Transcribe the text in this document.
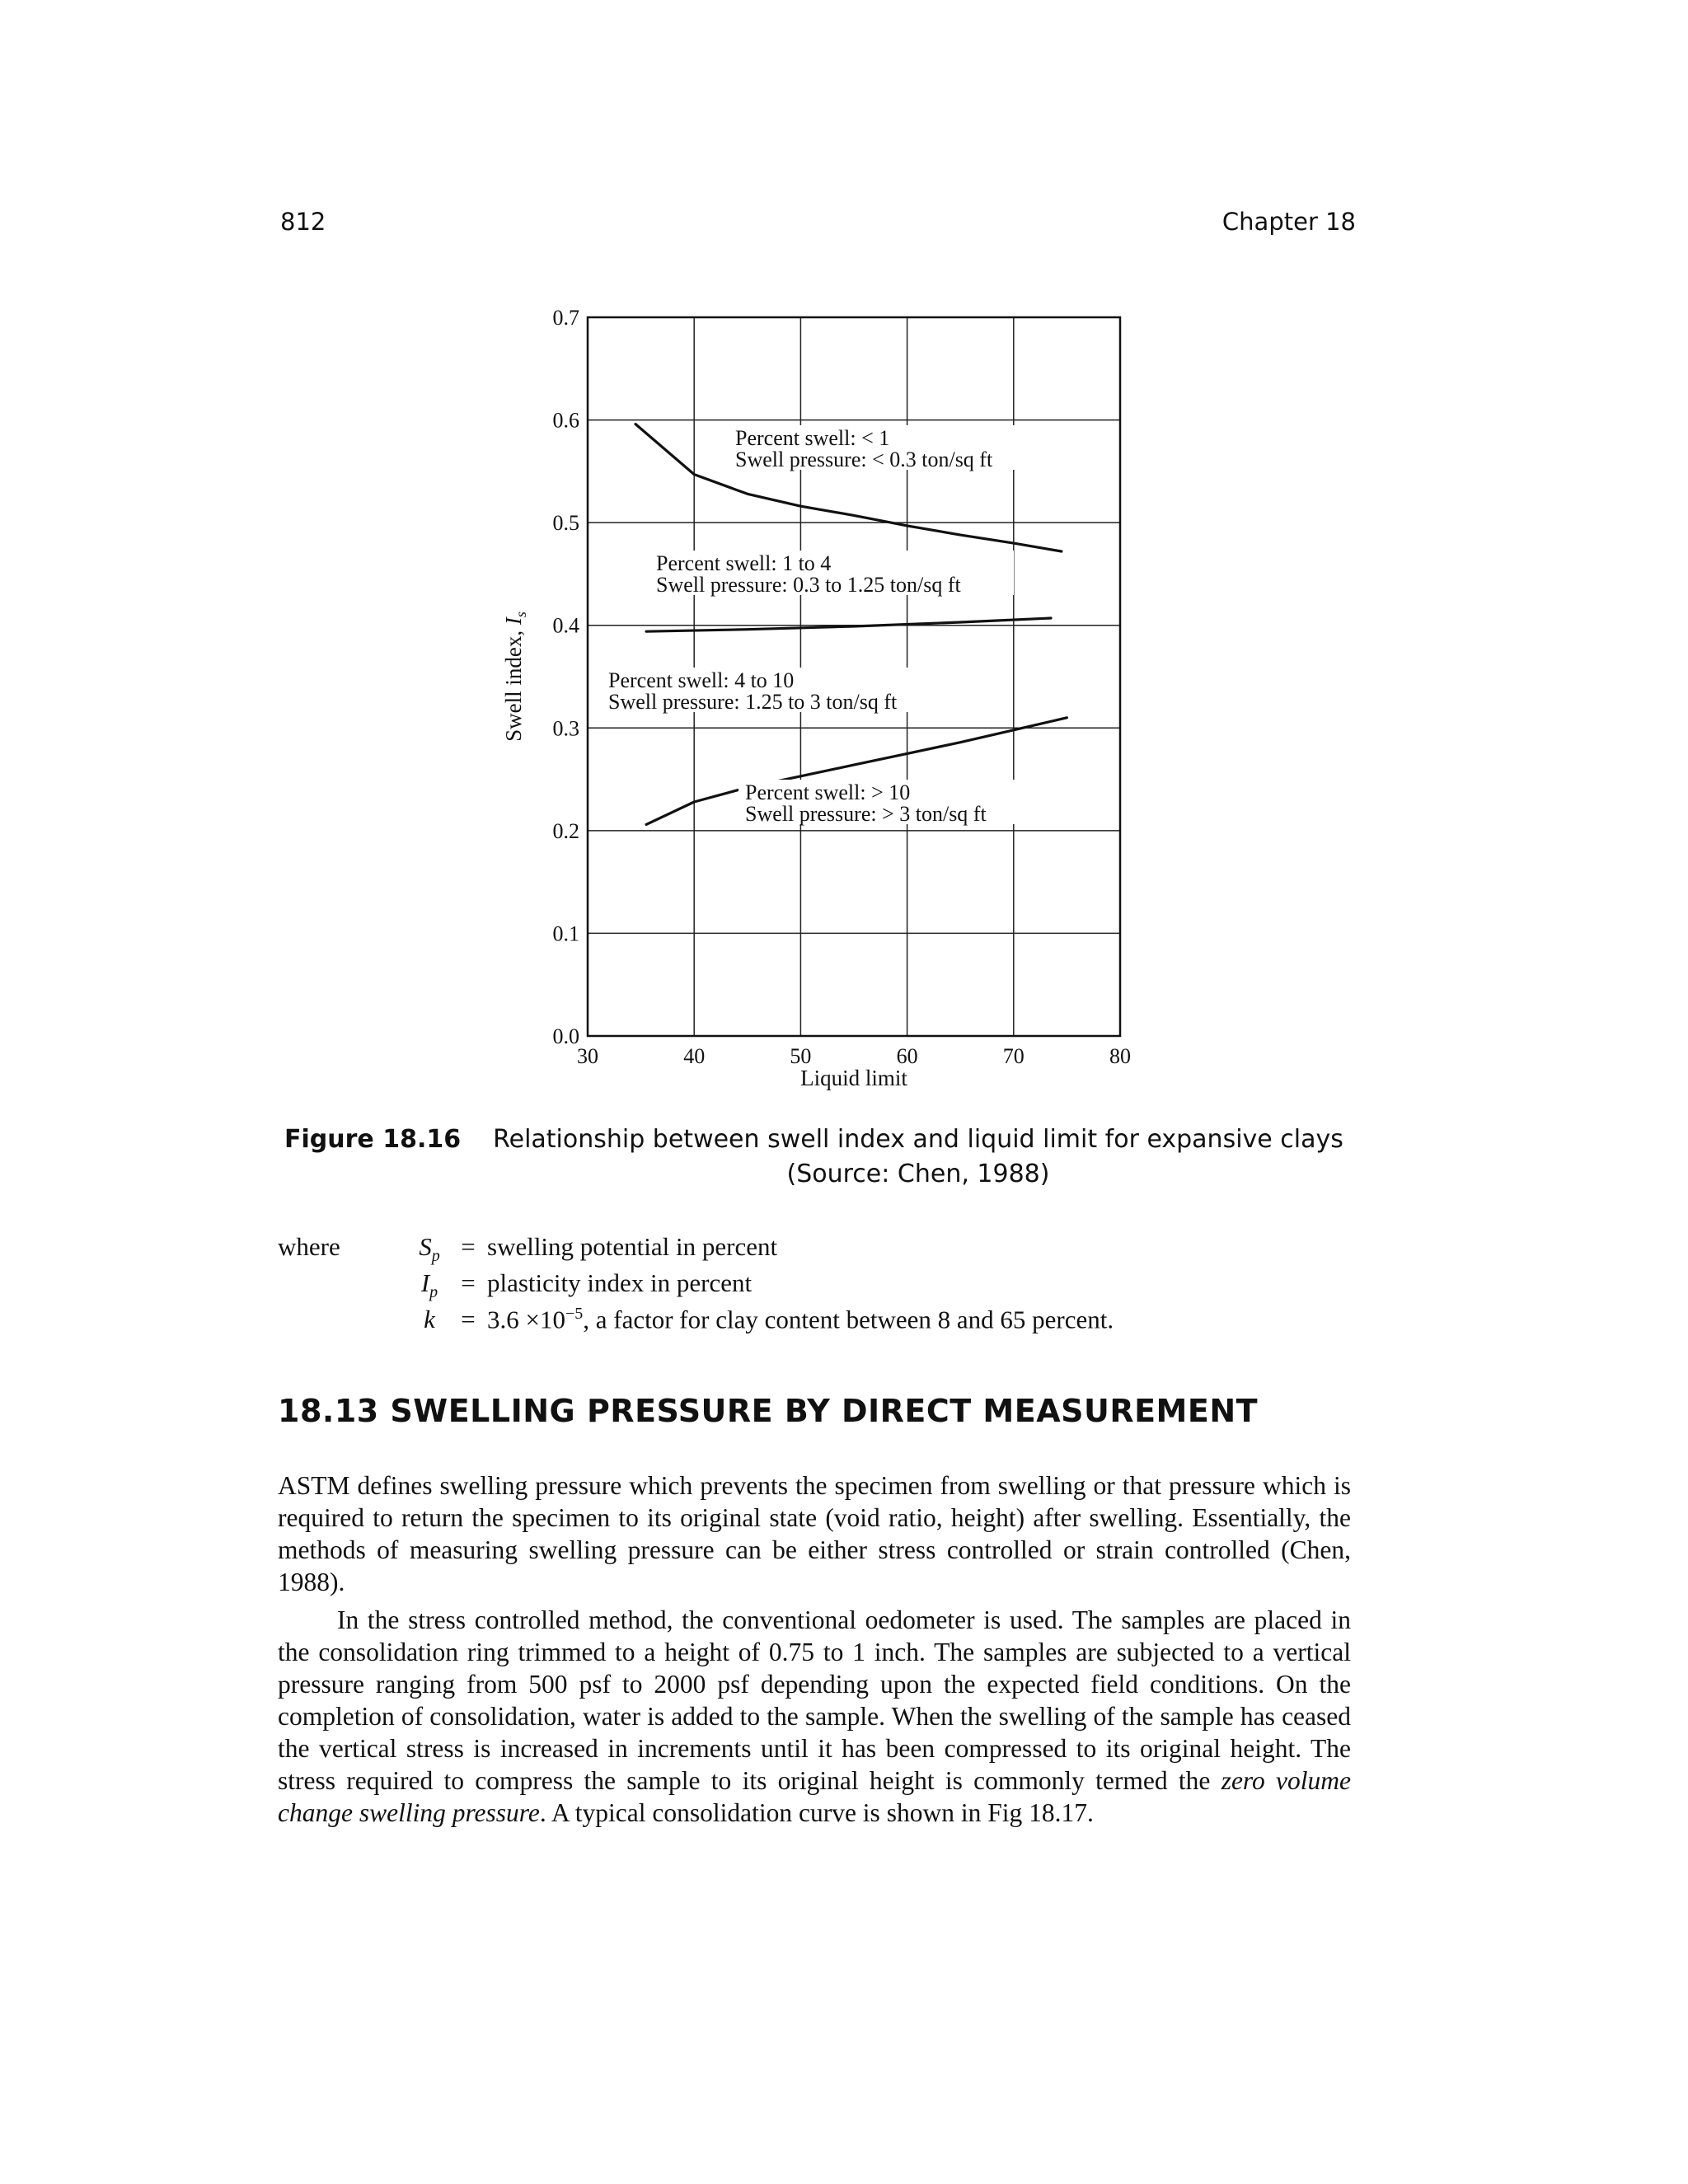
812	Chapter 18
30	40	50	60	70	80
0.0
0.1
0.2
0.3
0.4
0.5
0.6
0.7
Percent swell: < 1
Swell pressure: < 0.3 ton/sq ft
Percent swell: 1 to 4
Swell pressure: 0.3 to 1.25 ton/sq ft
Percent swell: 4 to 10
Swell pressure: 1.25 to 3 ton/sq ft
Percent swell: > 10
Swell pressure: > 3 ton/sq ft
Liquid limit
Swell index, $I_s$
Figure 18.16	Relationship between swell index and liquid limit for expansive clays (Source: Chen, 1988)
where	$S_p$ = swelling potential in percent
$I_p$ = plasticity index in percent
$k = 3.6 \times 10^{-5}$, a factor for clay content between 8 and 65 percent.
18.13 SWELLING PRESSURE BY DIRECT MEASUREMENT

ASTM defines swelling pressure which prevents the specimen from swelling or that pressure which is required to return the specimen to its original state (void ratio, height) after swelling. Essentially, the methods of measuring swelling pressure can be either stress controlled or strain controlled (Chen, 1988).

In the stress controlled method, the conventional oedometer is used. The samples are placed in the consolidation ring trimmed to a height of 0.75 to 1 inch. The samples are subjected to a vertical pressure ranging from 500 psf to 2000 psf depending upon the expected field conditions. On the completion of consolidation, water is added to the sample. When the swelling of the sample has ceased the vertical stress is increased in increments until it has been compressed to its original height. The stress required to compress the sample to its original height is commonly termed the zero volume change swelling pressure. A typical consolidation curve is shown in Fig 18.17.
